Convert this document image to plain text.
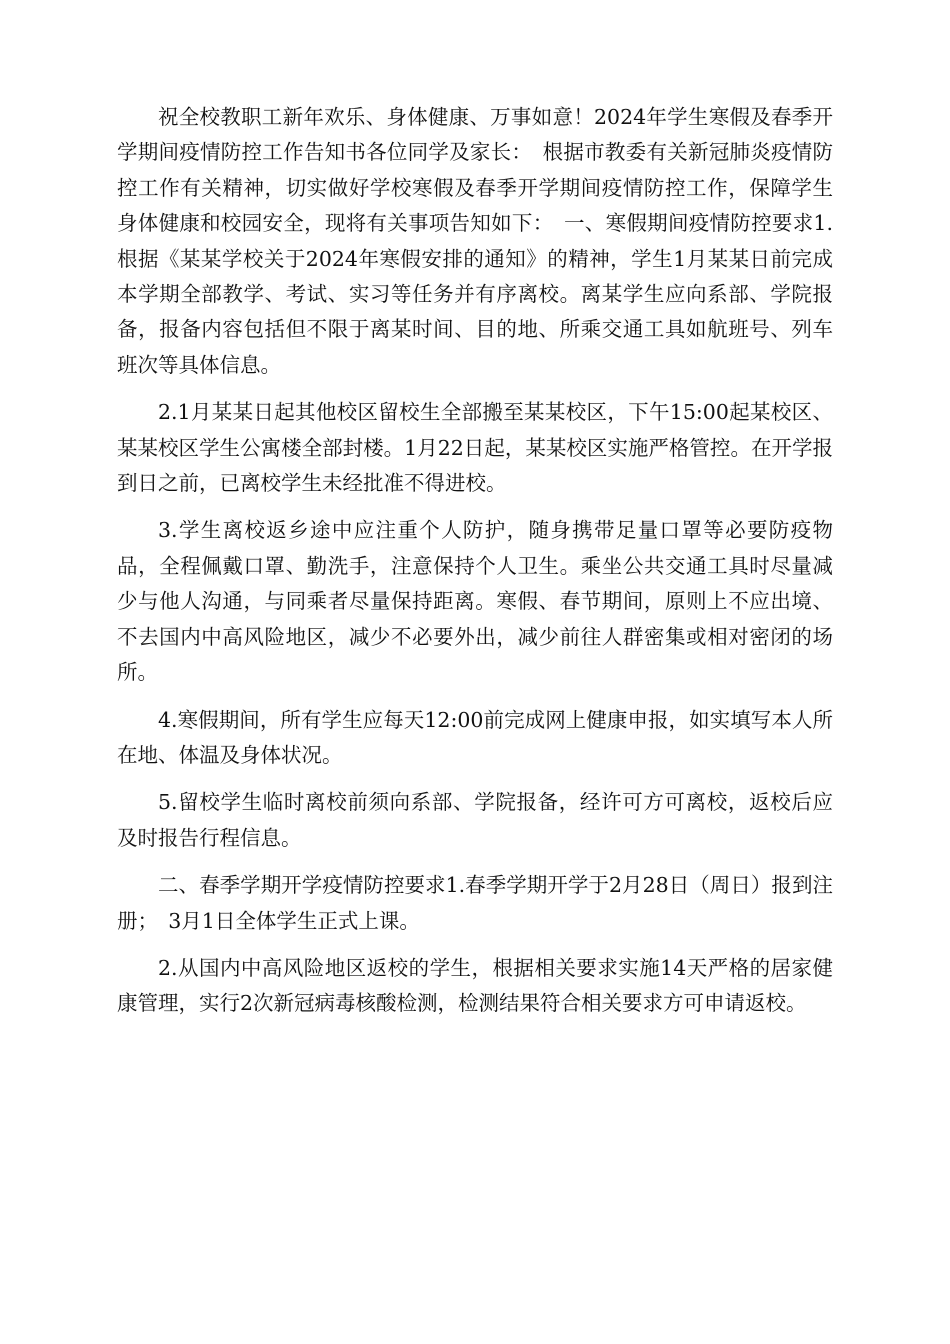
祝全校教职工新年欢乐、身体健康、万事如意！2024年学生寒假及春季开学期间疫情防控工作告知书各位同学及家长：　根据市教委有关新冠肺炎疫情防控工作有关精神，切实做好学校寒假及春季开学期间疫情防控工作，保障学生身体健康和校园安全，现将有关事项告知如下：　一、寒假期间疫情防控要求1.根据《某某学校关于2024年寒假安排的通知》的精神，学生1月某某日前完成本学期全部教学、考试、实习等任务并有序离校。离某学生应向系部、学院报备，报备内容包括但不限于离某时间、目的地、所乘交通工具如航班号、列车班次等具体信息。

2.1月某某日起其他校区留校生全部搬至某某校区，下午15:00起某校区、某某校区学生公寓楼全部封楼。1月22日起，某某校区实施严格管控。在开学报到日之前，已离校学生未经批准不得进校。

3.学生离校返乡途中应注重个人防护，随身携带足量口罩等必要防疫物品，全程佩戴口罩、勤洗手，注意保持个人卫生。乘坐公共交通工具时尽量减少与他人沟通，与同乘者尽量保持距离。寒假、春节期间，原则上不应出境、不去国内中高风险地区，减少不必要外出，减少前往人群密集或相对密闭的场所。

4.寒假期间，所有学生应每天12:00前完成网上健康申报，如实填写本人所在地、体温及身体状况。

5.留校学生临时离校前须向系部、学院报备，经许可方可离校，返校后应及时报告行程信息。

二、春季学期开学疫情防控要求1.春季学期开学于2月28日（周日）报到注册；　3月1日全体学生正式上课。

2.从国内中高风险地区返校的学生，根据相关要求实施14天严格的居家健康管理，实行2次新冠病毒核酸检测，检测结果符合相关要求方可申请返校。
